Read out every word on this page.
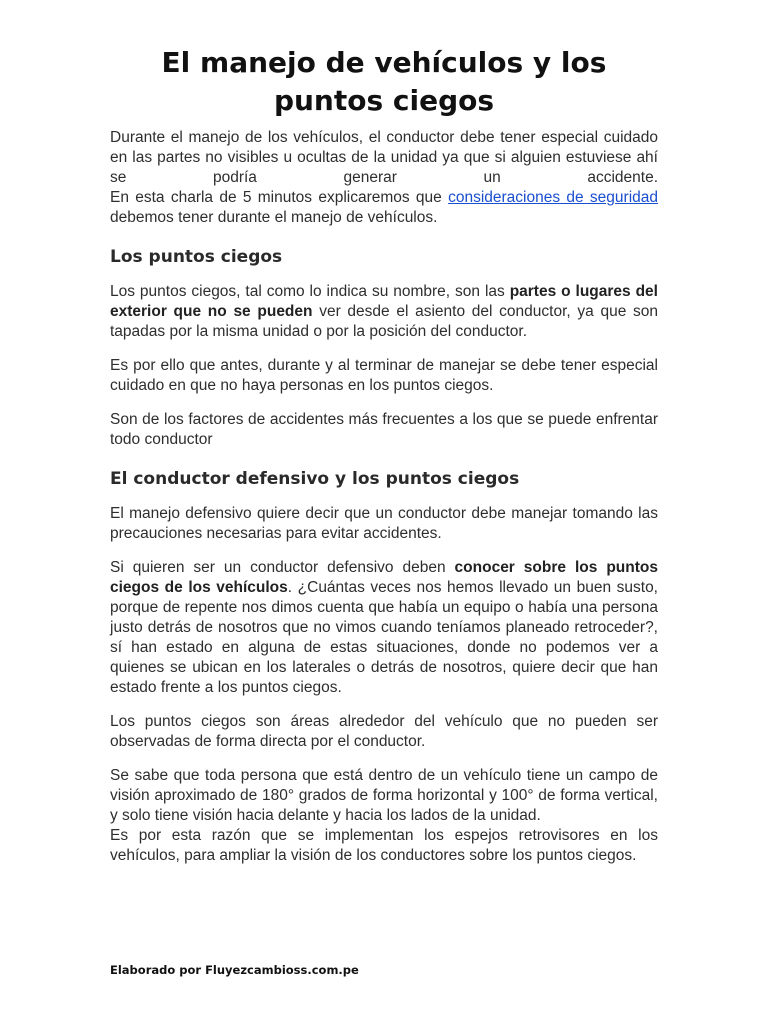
El manejo de vehículos y los puntos ciegos

Durante el manejo de los vehículos, el conductor debe tener especial cuidado en las partes no visibles u ocultas de la unidad ya que si alguien estuviese ahí se podría generar un accidente.
En esta charla de 5 minutos explicaremos que consideraciones de seguridad debemos tener durante el manejo de vehículos.

Los puntos ciegos

Los puntos ciegos, tal como lo indica su nombre, son las partes o lugares del exterior que no se pueden ver desde el asiento del conductor, ya que son tapadas por la misma unidad o por la posición del conductor.

Es por ello que antes, durante y al terminar de manejar se debe tener especial cuidado en que no haya personas en los puntos ciegos.

Son de los factores de accidentes más frecuentes a los que se puede enfrentar todo conductor

El conductor defensivo y los puntos ciegos

El manejo defensivo quiere decir que un conductor debe manejar tomando las precauciones necesarias para evitar accidentes.

Si quieren ser un conductor defensivo deben conocer sobre los puntos ciegos de los vehículos. ¿Cuántas veces nos hemos llevado un buen susto, porque de repente nos dimos cuenta que había un equipo o había una persona justo detrás de nosotros que no vimos cuando teníamos planeado retroceder?, sí han estado en alguna de estas situaciones, donde no podemos ver a quienes se ubican en los laterales o detrás de nosotros, quiere decir que han estado frente a los puntos ciegos.

Los puntos ciegos son áreas alrededor del vehículo que no pueden ser observadas de forma directa por el conductor.

Se sabe que toda persona que está dentro de un vehículo tiene un campo de visión aproximado de 180° grados de forma horizontal y 100° de forma vertical, y solo tiene visión hacia delante y hacia los lados de la unidad.
Es por esta razón que se implementan los espejos retrovisores en los vehículos, para ampliar la visión de los conductores sobre los puntos ciegos.

Elaborado por Fluyezcambioss.com.pe
